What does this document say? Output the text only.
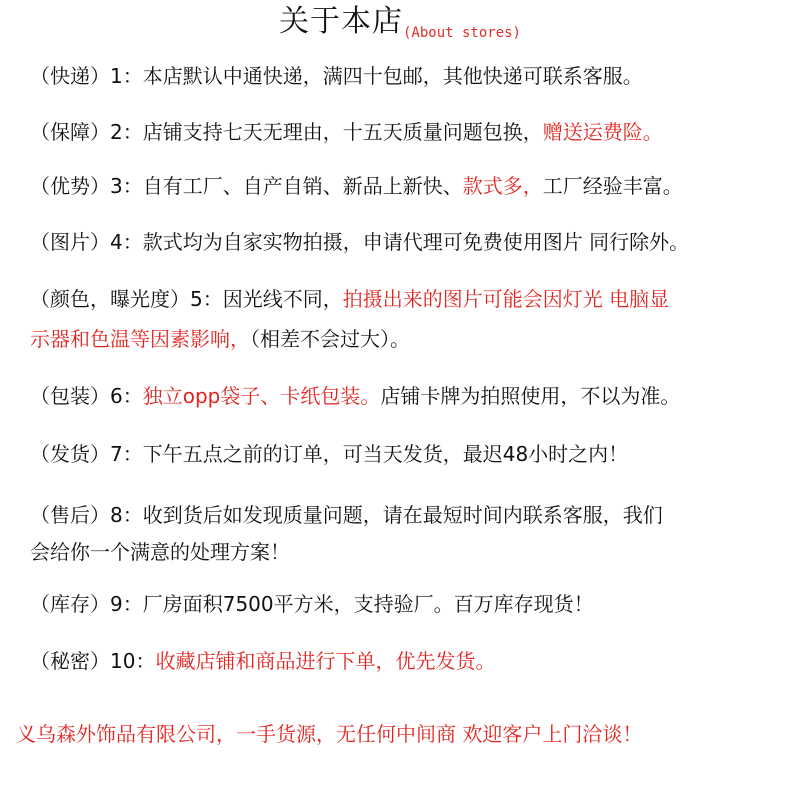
关于本店(About stores)
（快递）1：本店默认中通快递，满四十包邮，其他快递可联系客服。
（保障）2：店铺支持七天无理由，十五天质量问题包换，赠送运费险。
（优势）3：自有工厂、自产自销、新品上新快、款式多，工厂经验丰富。
（图片）4：款式均为自家实物拍摄，申请代理可免费使用图片 同行除外。
（颜色，曝光度）5：因光线不同，拍摄出来的图片可能会因灯光 电脑显
示器和色温等因素影响，（相差不会过大）。
（包装）6：独立opp袋子、卡纸包装。店铺卡牌为拍照使用，不以为准。
（发货）7：下午五点之前的订单，可当天发货，最迟48小时之内！
（售后）8：收到货后如发现质量问题，请在最短时间内联系客服，我们
会给你一个满意的处理方案！
（库存）9：厂房面积7500平方米，支持验厂。百万库存现货！
（秘密）10：收藏店铺和商品进行下单，优先发货。
义乌森外饰品有限公司，一手货源，无任何中间商 欢迎客户上门洽谈！
